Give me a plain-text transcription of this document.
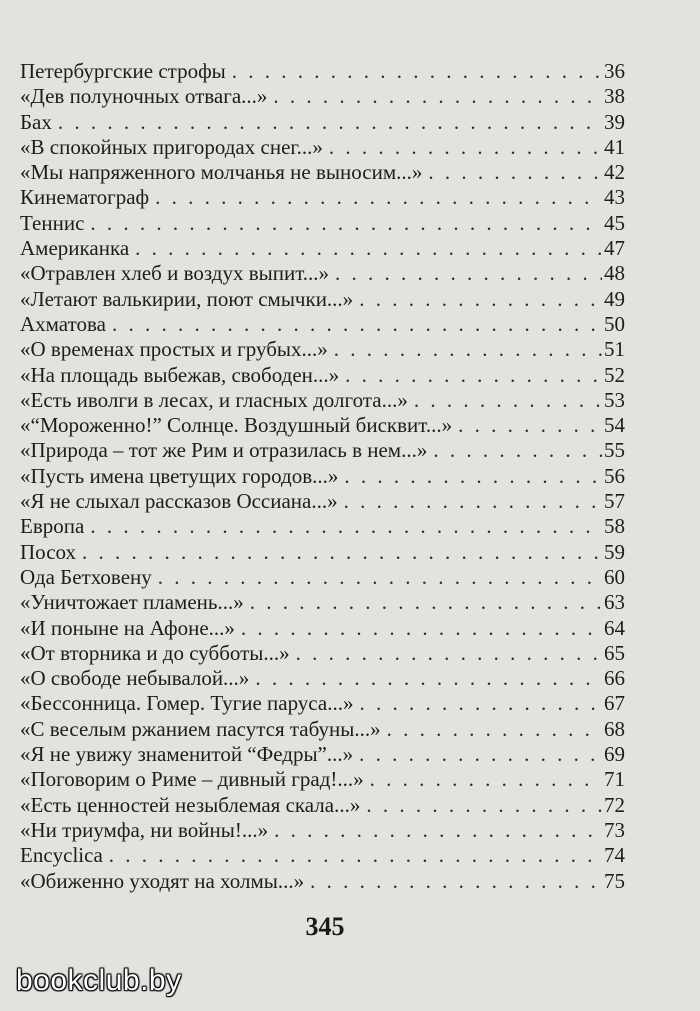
Петербургские строфы . . .	36
«Дев полуночных отвага...» . . .	38
Бах . . .	39
«В спокойных пригородах снег...» . . .	41
«Мы напряженного молчанья не выносим...» . . .	42
Кинематограф . . .	43
Теннис . . .	45
Американка . . .	47
«Отравлен хлеб и воздух выпит...» . . .	48
«Летают валькирии, поют смычки...» . . .	49
Ахматова . . .	50
«О временах простых и грубых...» . . .	51
«На площадь выбежав, свободен...» . . .	52
«Есть иволги в лесах, и гласных долгота...» . . .	53
«“Мороженно!” Солнце. Воздушный бисквит...» . . .	54
«Природа – тот же Рим и отразилась в нем...» . . .	55
«Пусть имена цветущих городов...» . . .	56
«Я не слыхал рассказов Оссиана...» . . .	57
Европа . . .	58
Посох . . .	59
Ода Бетховену . . .	60
«Уничтожает пламень...» . . .	63
«И поныне на Афоне...» . . .	64
«От вторника и до субботы...» . . .	65
«О свободе небывалой...» . . .	66
«Бессонница. Гомер. Тугие паруса...» . . .	67
«С веселым ржанием пасутся табуны...» . . .	68
«Я не увижу знаменитой “Федры”...» . . .	69
«Поговорим о Риме – дивный град!...» . . .	71
«Есть ценностей незыблемая скала...» . . .	72
«Ни триумфа, ни войны!...» . . .	73
Encyclica . . .	74
«Обиженно уходят на холмы...» . . .	75
345
bookclub.by
